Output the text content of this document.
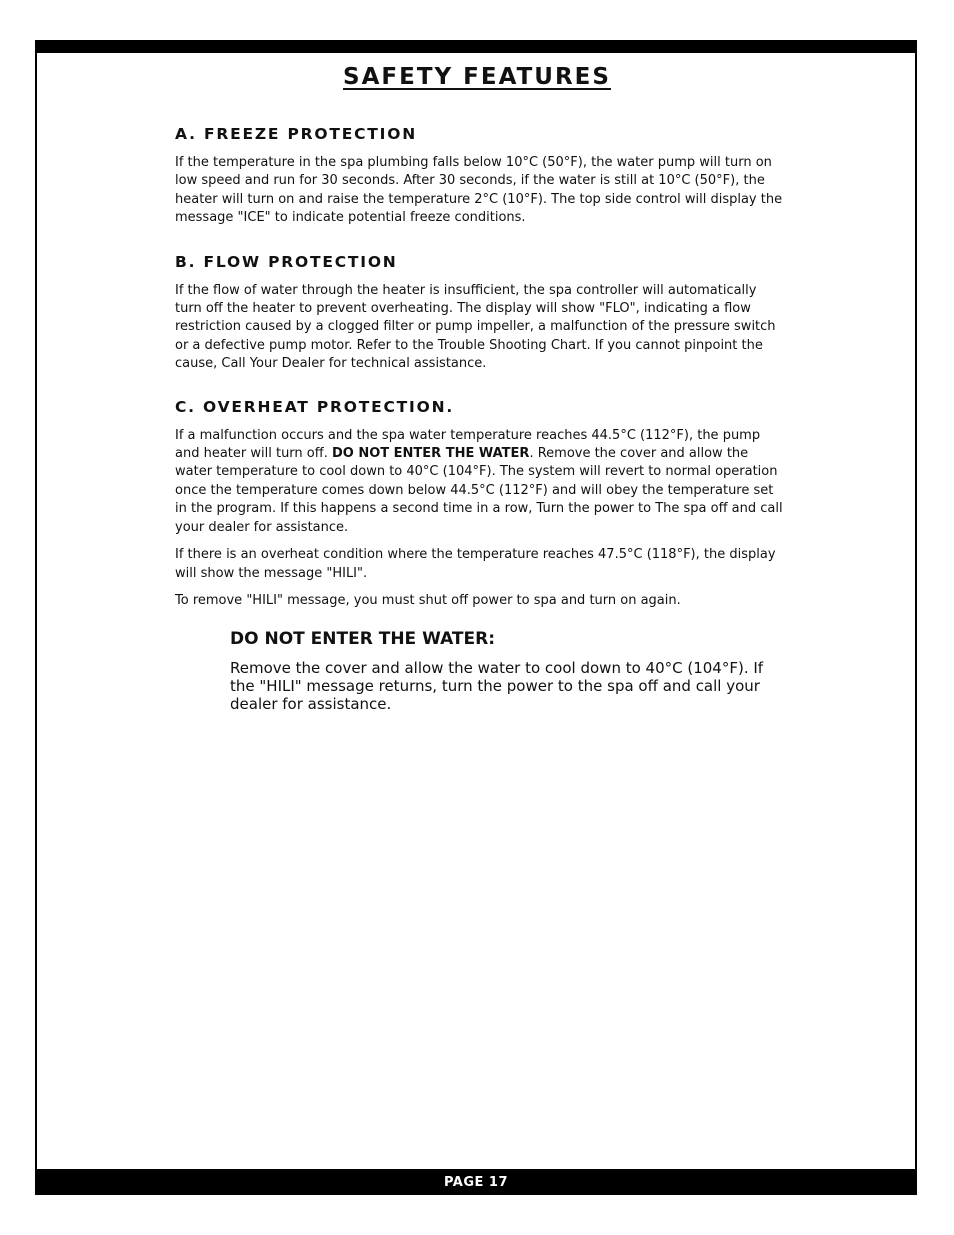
SAFETY FEATURES
A. FREEZE PROTECTION

If the temperature in the spa plumbing falls below 10°C (50°F), the water pump will turn on low speed and run for 30 seconds. After 30 seconds, if the water is still at 10°C (50°F), the heater will turn on and raise the temperature 2°C (10°F). The top side control will display the message "ICE" to indicate potential freeze conditions.

B. FLOW PROTECTION

If the flow of water through the heater is insufficient, the spa controller will automatically turn off the heater to prevent overheating. The display will show "FLO", indicating a flow restriction caused by a clogged filter or pump impeller, a malfunction of the pressure switch or a defective pump motor. Refer to the Trouble Shooting Chart. If you cannot pinpoint the cause, Call Your Dealer for technical assistance.

C. OVERHEAT PROTECTION.

If a malfunction occurs and the spa water temperature reaches 44.5°C (112°F), the pump and heater will turn off. DO NOT ENTER THE WATER. Remove the cover and allow the water temperature to cool down to 40°C (104°F). The system will revert to normal operation once the temperature comes down below 44.5°C (112°F) and will obey the temperature set in the program. If this happens a second time in a row, Turn the power to The spa off and call your dealer for assistance.

If there is an overheat condition where the temperature reaches 47.5°C (118°F), the display will show the message "HILI".

To remove "HILI" message, you must shut off power to spa and turn on again.

DO NOT ENTER THE WATER:

Remove the cover and allow the water to cool down to 40°C (104°F). If the "HILI" message returns, turn the power to the spa off and call your dealer for assistance.

PAGE 17
